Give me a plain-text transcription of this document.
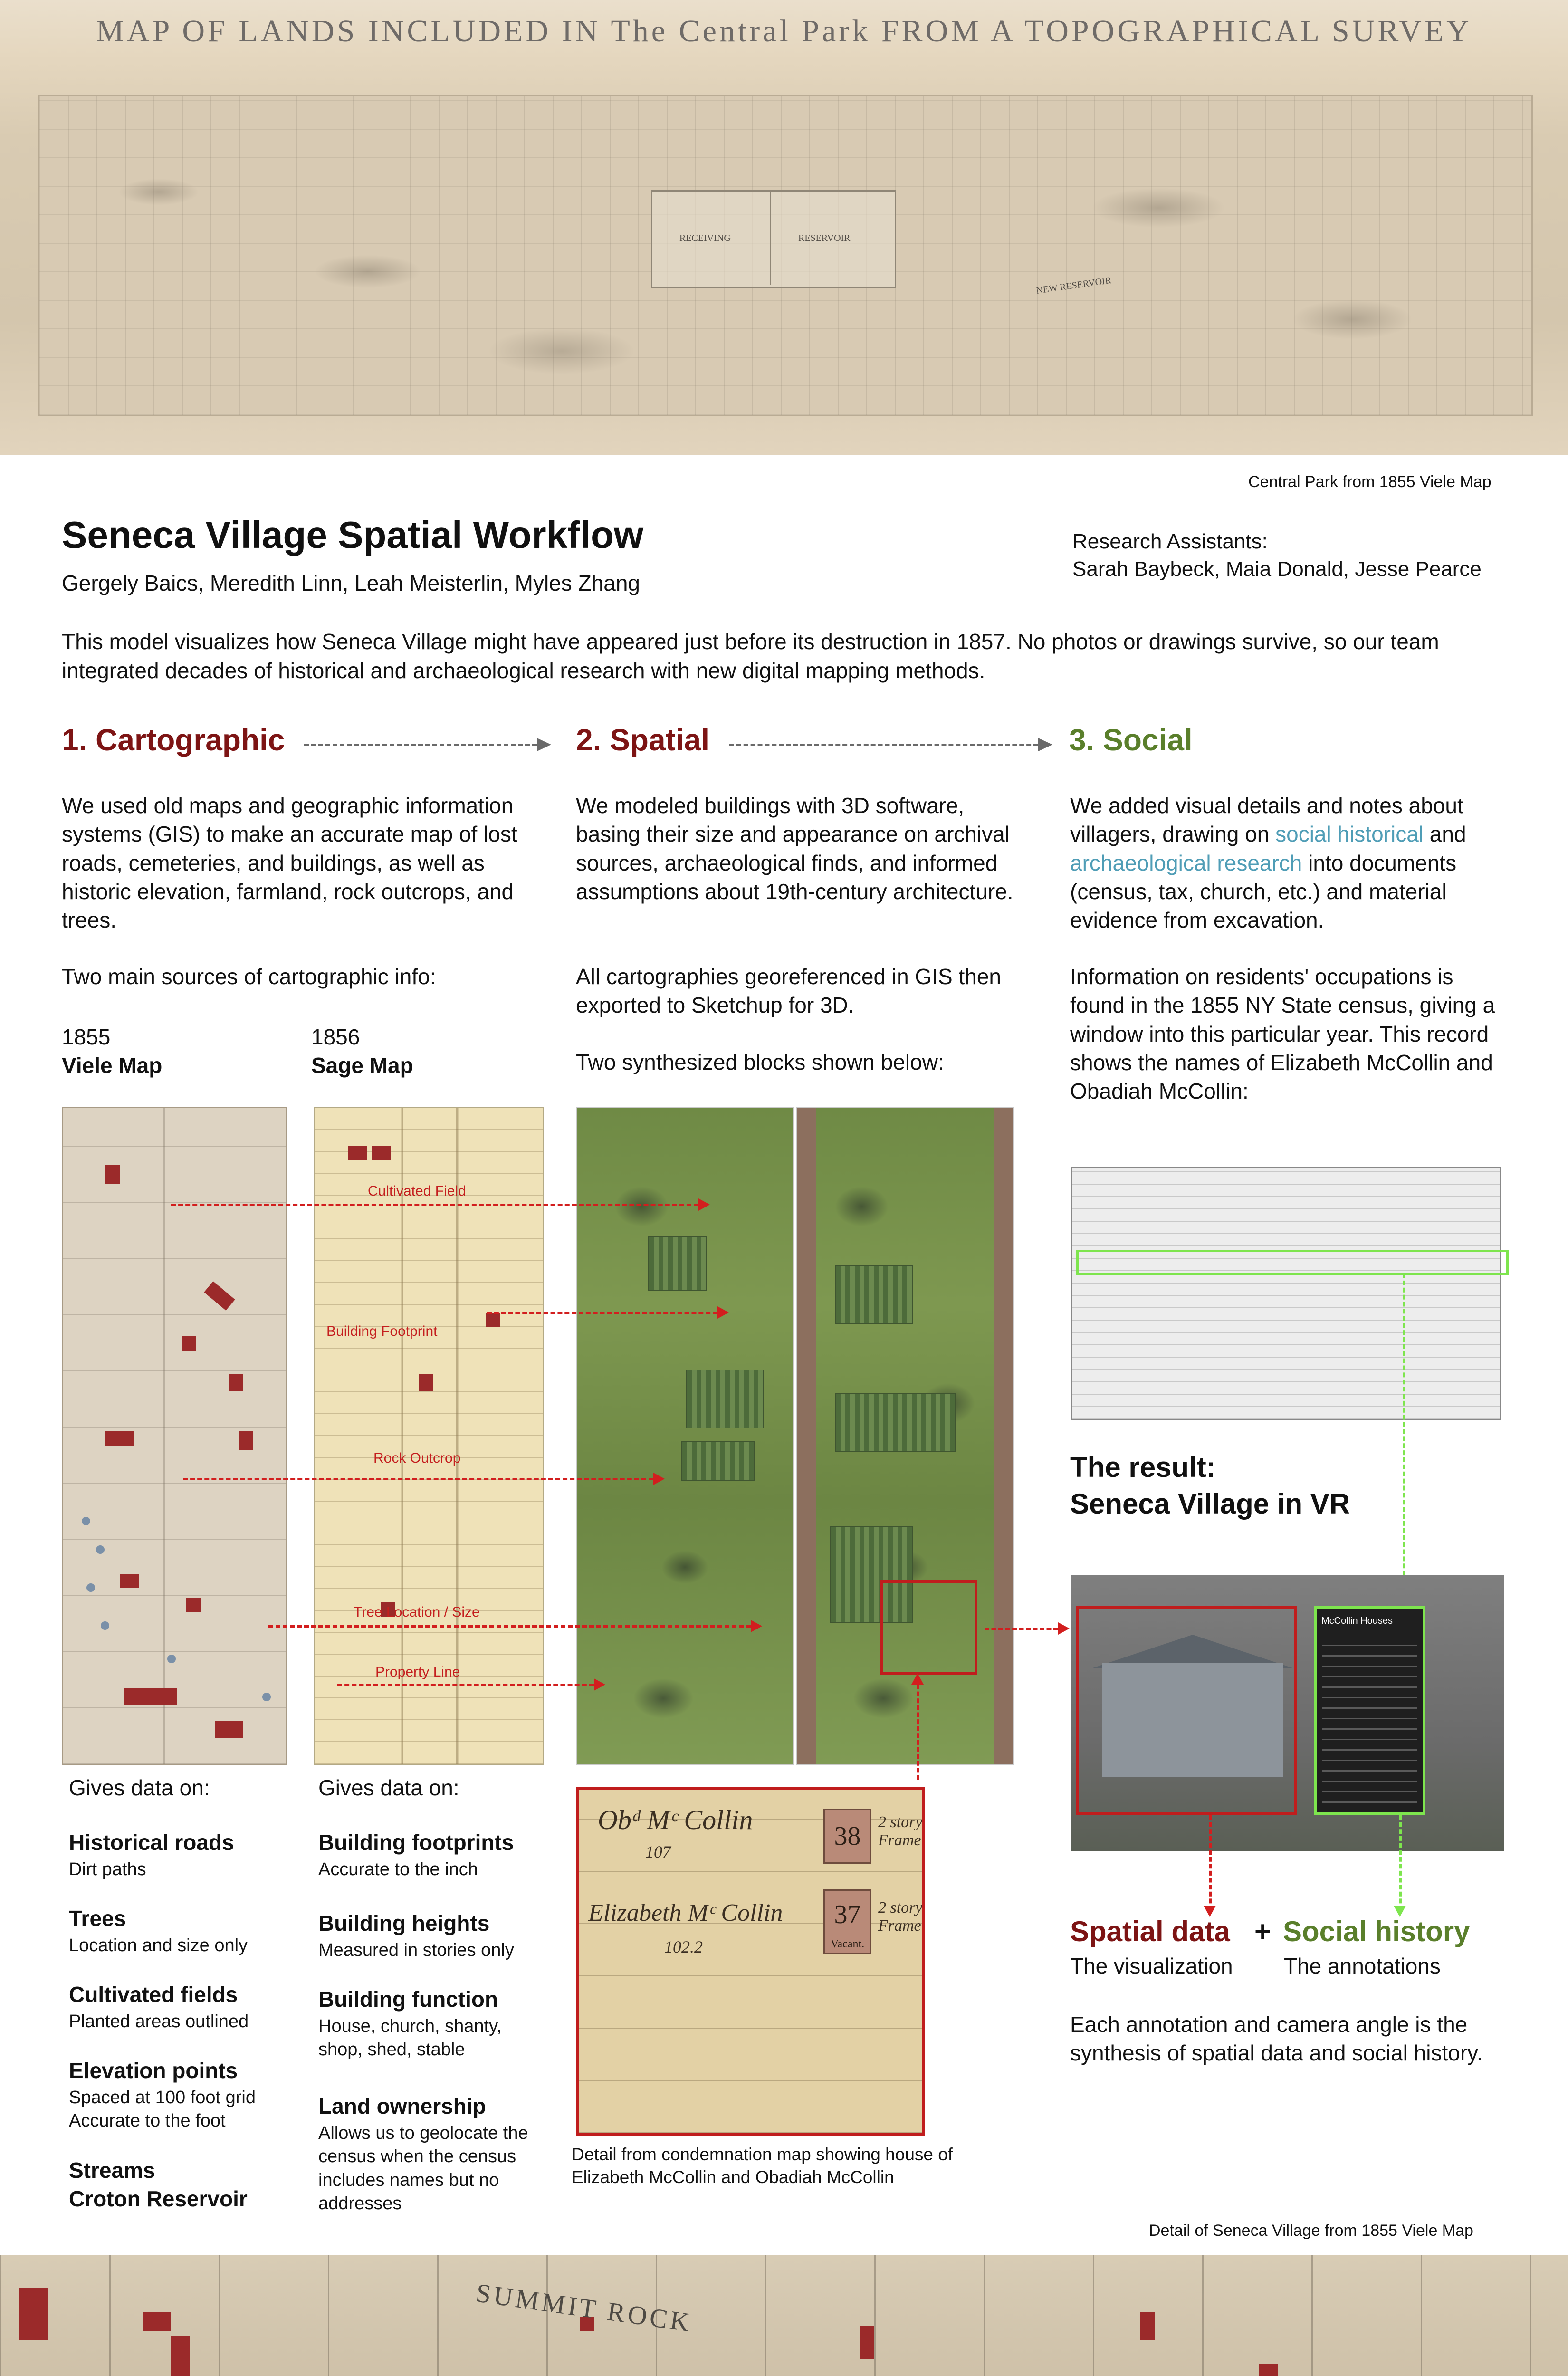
MAP OF LANDS INCLUDED IN The Central Park FROM A TOPOGRAPHICAL SURVEY
RECEIVING	RESERVOIR
NEW RESERVOIR
Central Park from 1855 Viele Map
Seneca Village Spatial Workflow
Gergely Baics, Meredith Linn, Leah Meisterlin, Myles Zhang
Research Assistants:
Sarah Baybeck, Maia Donald, Jesse Pearce
This model visualizes how Seneca Village might have appeared just before its destruction in 1857. No photos or drawings survive, so our team integrated decades of historical and archaeological research with new digital mapping methods.
1. Cartographic	2. Spatial	3. Social
We used old maps and geographic information systems (GIS) to make an accurate map of lost roads, cemeteries, and buildings, as well as historic elevation, farmland, rock outcrops, and trees.
Two main sources of cartographic info:
1855
Viele Map
1856
Sage Map
Cultivated Field
Building Footprint
Rock Outcrop
Tree Location / Size
Property Line
We modeled buildings with 3D software, basing their size and appearance on archival sources, archaeological finds, and informed assumptions about 19th-century architecture.
All cartographies georeferenced in GIS then exported to Sketchup for 3D.
Two synthesized blocks shown below:
Gives data on:
Historical roads
Dirt paths
Trees
Location and size only
Cultivated fields
Planted areas outlined
Elevation points
Spaced at 100 foot grid
Accurate to the foot
Streams
Croton Reservoir
Gives data on:
Building footprints
Accurate to the inch
Building heights
Measured in stories only
Building function
House, church, shanty, shop, shed, stable
Land ownership
Allows us to geolocate the census when the census includes names but no addresses
Obᵈ Mᶜ Collin
107
38	2 story Frame
Elizabeth Mᶜ Collin
102.2
37
Vacant.
2 story Frame
Detail from condemnation map showing house of Elizabeth McCollin and Obadiah McCollin
We added visual details and notes about villagers, drawing on social historical and archaeological research into documents (census, tax, church, etc.) and material evidence from excavation.
Information on residents' occupations is found in the 1855 NY State census, giving a window into this particular year. This record shows the names of Elizabeth McCollin and Obadiah McCollin:
The result:
Seneca Village in VR
McCollin Houses
Spatial data + Social history
The visualization The annotations
Each annotation and camera angle is the synthesis of spatial data and social history.
Detail of Seneca Village from 1855 Viele Map
SUMMIT ROCK
